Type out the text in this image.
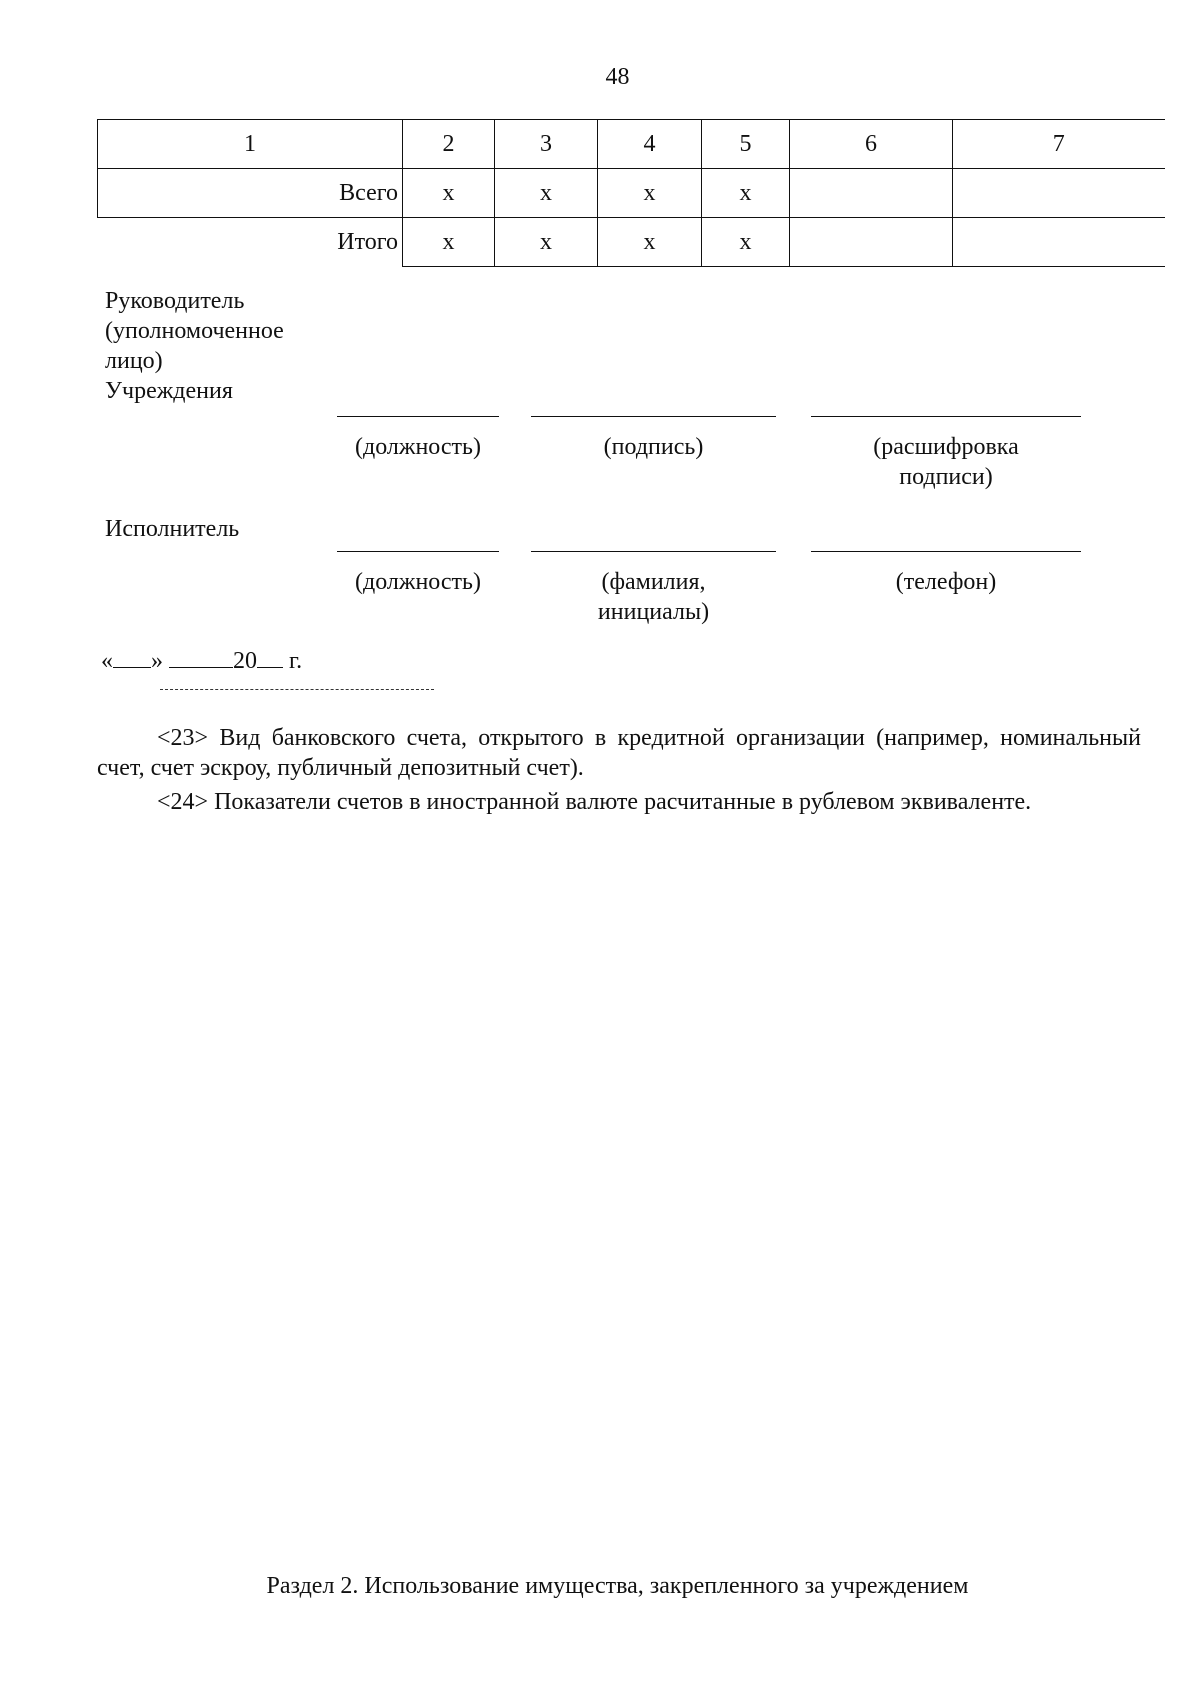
48
1	2	3	4	5	6	7
Всего	х	х	х	х		
Итого	х	х	х	х		
Руководитель
(уполномоченное
лицо)
Учреждения
(должность)	(подпись)	(расшифровка
подписи)
Исполнитель
(должность)	(фамилия,
инициалы)
(телефон)
« »	20 г.
<23> Вид банковского счета, открытого в кредитной организации (например, номинальный счет, счет эскроу, публичный депозитный счет).
<24> Показатели счетов в иностранной валюте расчитанные в рублевом эквиваленте.
Раздел 2. Использование имущества, закрепленного за учреждением
